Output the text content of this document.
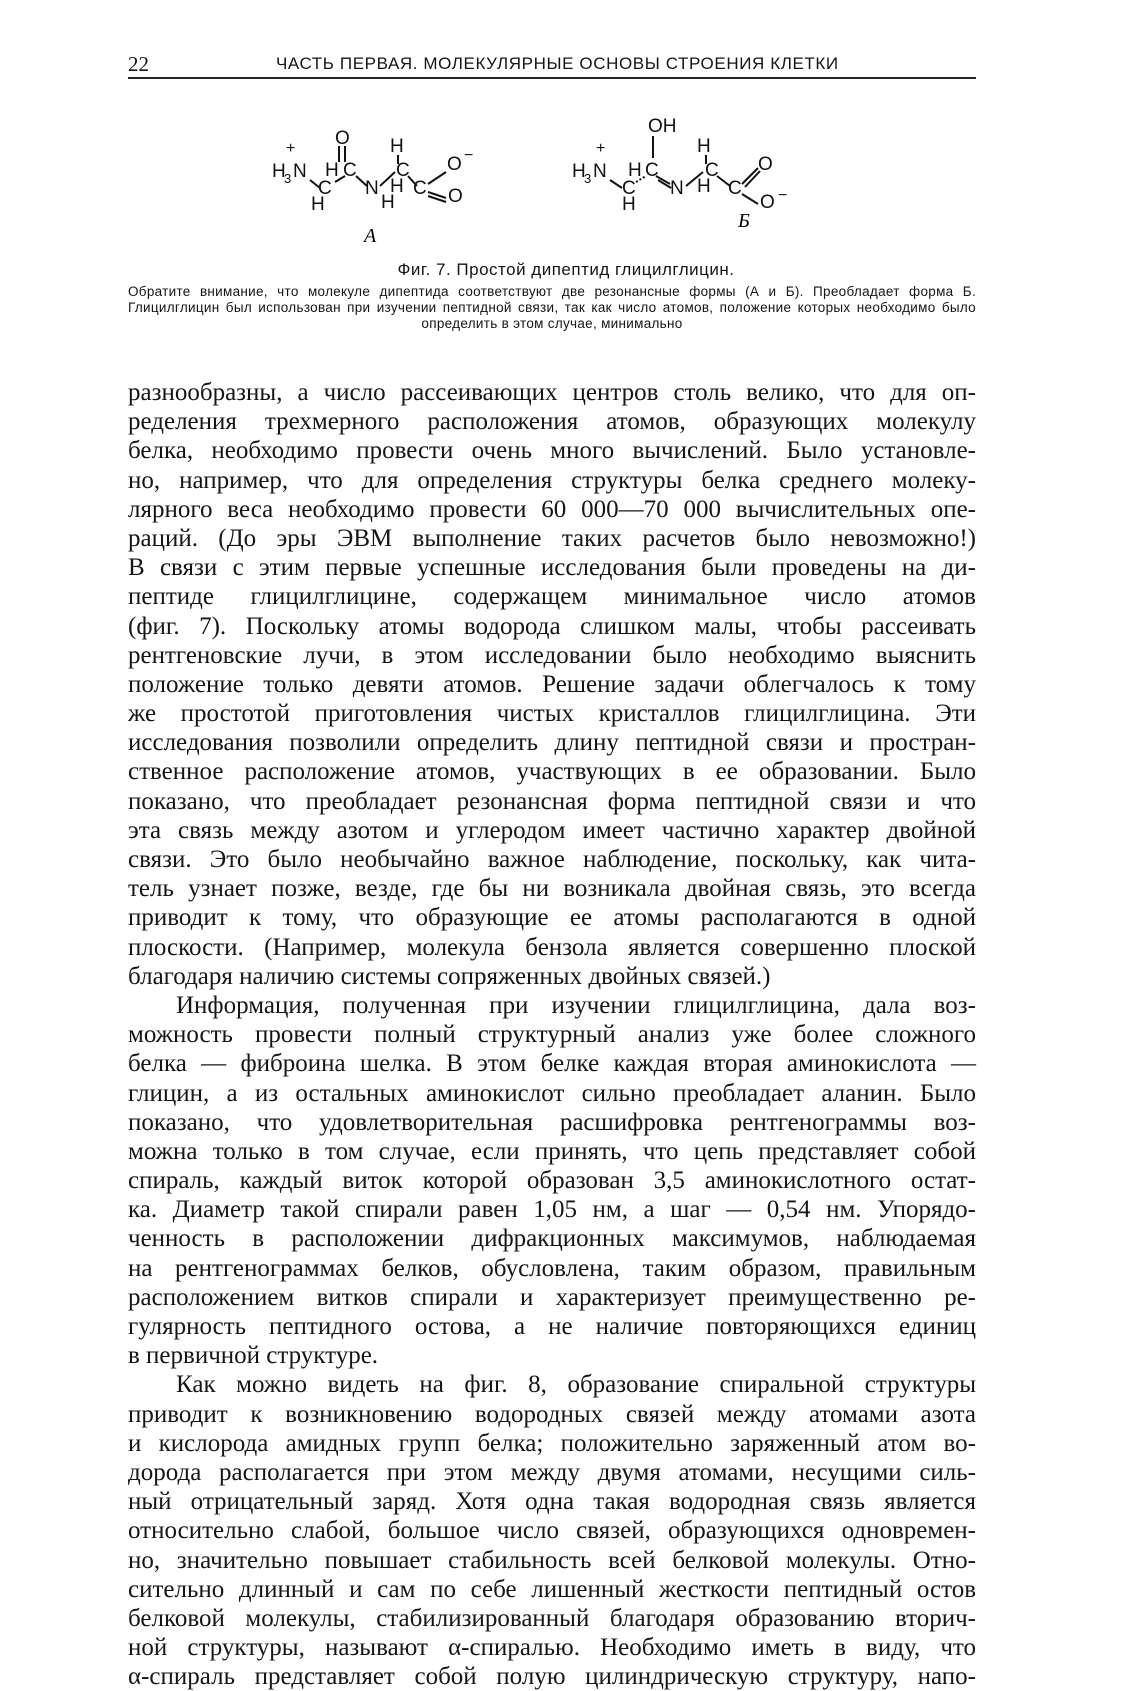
22	ЧАСТЬ ПЕРВАЯ. МОЛЕКУЛЯРНЫЕ ОСНОВЫ СТРОЕНИЯ КЛЕТКИ
H
3 N
+
H
C
H
O
C
N
H
H
H
C
C
O −
O
А
H
3 N
+
H
C
H
OH
C
N
H
H
C
C
O
O −
Б
Фиг. 7. Простой дипептид глицилглицин.
Обратите внимание, что молекуле дипептида соответствуют две резонансные формы (А и Б). Преобладает форма Б. Глицилглицин был использован при изучении пептидной связи, так как число атомов, положение которых необходимо было определить в этом случае, минимально
разнообразны, а число рассеивающих центров столь велико, что для оп-
ределения трехмерного расположения атомов, образующих молекулу
белка, необходимо провести очень много вычислений. Было установле-
но, например, что для определения структуры белка среднего молеку-
лярного веса необходимо провести 60 000—70 000 вычислительных опе-
раций. (До эры ЭВМ выполнение таких расчетов было невозможно!)
В связи с этим первые успешные исследования были проведены на ди-
пептиде глицилглицине, содержащем минимальное число атомов
(фиг. 7). Поскольку атомы водорода слишком малы, чтобы рассеивать
рентгеновские лучи, в этом исследовании было необходимо выяснить
положение только девяти атомов. Решение задачи облегчалось к тому
же простотой приготовления чистых кристаллов глицилглицина. Эти
исследования позволили определить длину пептидной связи и простран-
ственное расположение атомов, участвующих в ее образовании. Было
показано, что преобладает резонансная форма пептидной связи и что
эта связь между азотом и углеродом имеет частично характер двойной
связи. Это было необычайно важное наблюдение, поскольку, как чита-
тель узнает позже, везде, где бы ни возникала двойная связь, это всегда
приводит к тому, что образующие ее атомы располагаются в одной
плоскости. (Например, молекула бензола является совершенно плоской
благодаря наличию системы сопряженных двойных связей.)
Информация, полученная при изучении глицилглицина, дала воз-
можность провести полный структурный анализ уже более сложного
белка — фиброина шелка. В этом белке каждая вторая аминокислота —
глицин, а из остальных аминокислот сильно преобладает аланин. Было
показано, что удовлетворительная расшифровка рентгенограммы воз-
можна только в том случае, если принять, что цепь представляет собой
спираль, каждый виток которой образован 3,5 аминокислотного остат-
ка. Диаметр такой спирали равен 1,05 нм, а шаг — 0,54 нм. Упорядо-
ченность в расположении дифракционных максимумов, наблюдаемая
на рентгенограммах белков, обусловлена, таким образом, правильным
расположением витков спирали и характеризует преимущественно ре-
гулярность пептидного остова, а не наличие повторяющихся единиц
в первичной структуре.
Как можно видеть на фиг. 8, образование спиральной структуры
приводит к возникновению водородных связей между атомами азота
и кислорода амидных групп белка; положительно заряженный атом во-
дорода располагается при этом между двумя атомами, несущими силь-
ный отрицательный заряд. Хотя одна такая водородная связь является
относительно слабой, большое число связей, образующихся одновремен-
но, значительно повышает стабильность всей белковой молекулы. Отно-
сительно длинный и сам по себе лишенный жесткости пептидный остов
белковой молекулы, стабилизированный благодаря образованию вторич-
ной структуры, называют α-спиралью. Необходимо иметь в виду, что
α-спираль представляет собой полую цилиндрическую структуру, напо-
